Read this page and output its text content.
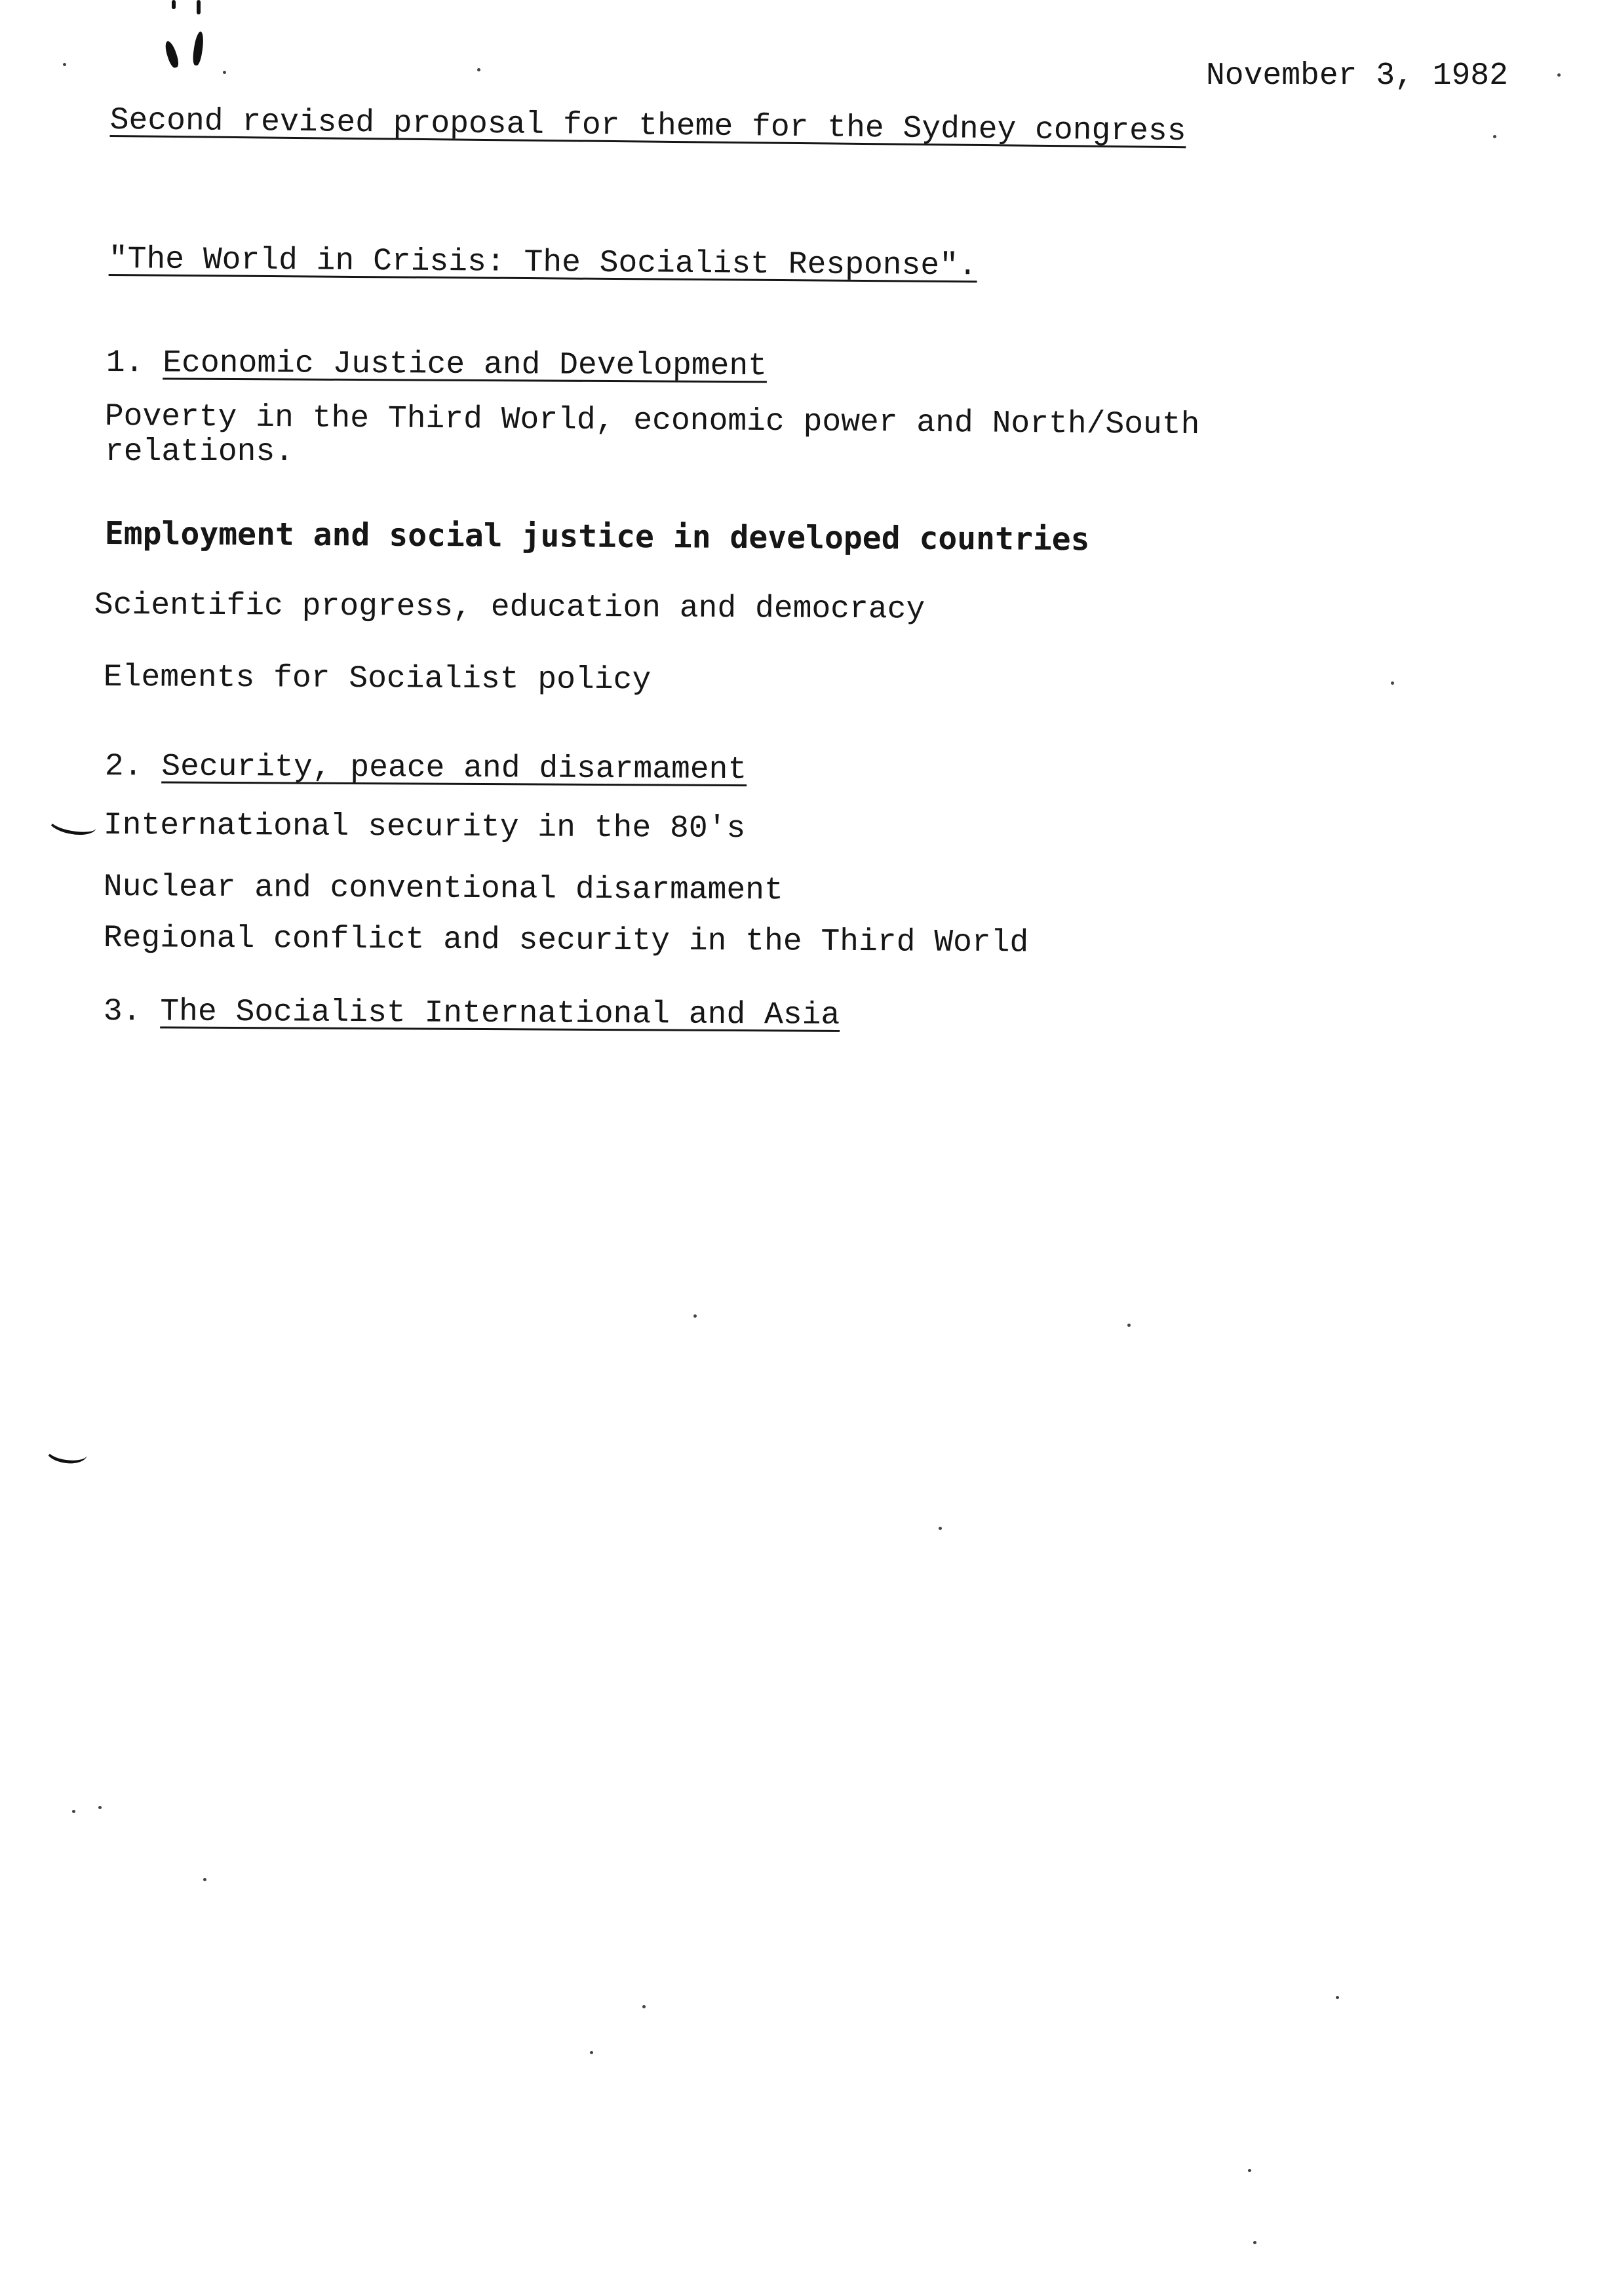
November 3, 1982
Second revised proposal for theme for the Sydney congress
"The World in Crisis: The Socialist Response".
1. Economic Justice and Development
Poverty in the Third World, economic power and North/South
relations.
Employment and social justice in developed countries
Scientific progress, education and democracy
Elements for Socialist policy
2. Security, peace and disarmament
International security in the 80's
Nuclear and conventional disarmament
Regional conflict and security in the Third World
3. The Socialist International and Asia
